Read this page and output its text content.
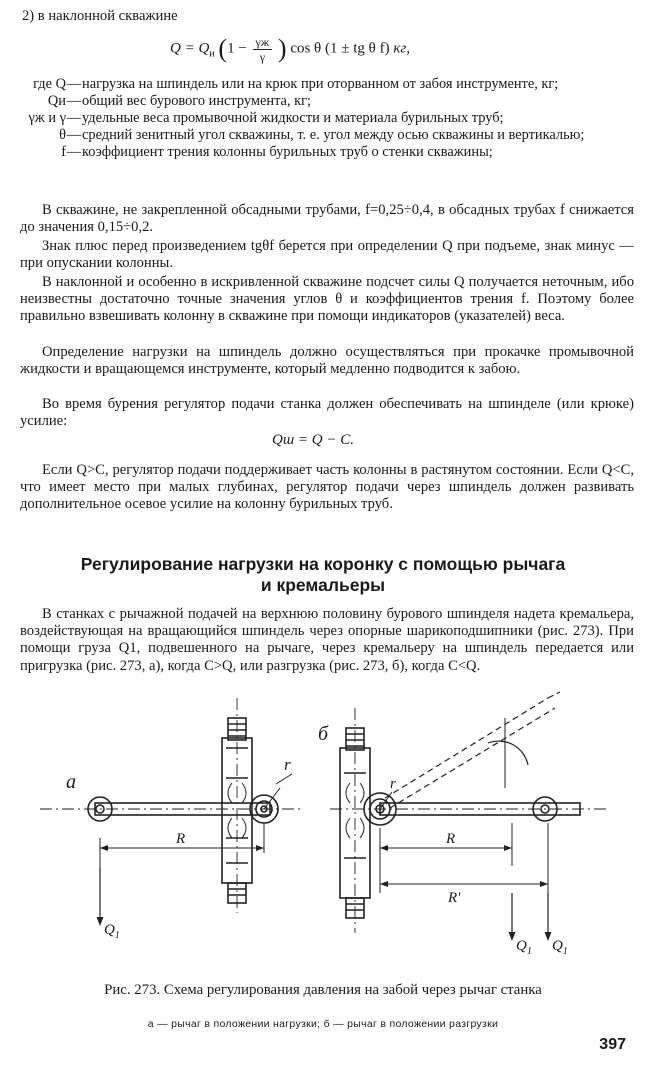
2) в наклонной скважине
$Q = Q_и$ ($1 - \frac{\gamma ж}{\gamma}$ ) cos θ (1 ± tg θ f) кг,
где Q — нагрузка на шпиндель или на крюк при оторванном от забоя инструменте, кг;
Qи — общий вес бурового инструмента, кг;
γж и γ — удельные веса промывочной жидкости и материала бурильных труб;
θ — средний зенитный угол скважины, т. е. угол между осью скважины и вертикалью;
f — коэффициент трения колонны бурильных труб о стенки скважины;
В скважине, не закрепленной обсадными трубами, f=0,25÷0,4, в обсадных трубах f снижается до значения 0,15÷0,2.
Знак плюс перед произведением tgθf берется при определении Q при подъеме, знак минус — при опускании колонны.
В наклонной и особенно в искривленной скважине подсчет силы Q получается неточным, ибо неизвестны достаточно точные значения углов θ и коэффициентов трения f. Поэтому более правильно взвешивать колонну в скважине при помощи индикаторов (указателей) веса.
Определение нагрузки на шпиндель должно осуществляться при прокачке промывочной жидкости и вращающемся инструменте, который медленно подводится к забою.
Во время бурения регулятор подачи станка должен обеспечивать на шпинделе (или крюке) усилие:
Qш = Q − C.
Если Q>C, регулятор подачи поддерживает часть колонны в растянутом состоянии. Если Q<C, что имеет место при малых глубинах, регулятор подачи через шпиндель должен развивать дополнительное осевое усилие на колонну бурильных труб.
Регулирование нагрузки на коронку с помощью рычага
и кремальеры
В станках с рычажной подачей на верхнюю половину бурового шпинделя надета кремальера, воздействующая на вращающийся шпиндель через опорные шарикоподшипники (рис. 273). При помощи груза Q1, подвешенного на рычаге, через кремальеру на шпиндель передается или пригрузка (рис. 273, а), когда C>Q, или разгрузка (рис. 273, б), когда C<Q.
а
r
R
$Q_1$
б
r
R
R'
$Q_1$ $Q_1$
Рис. 273. Схема регулирования давления на забой через рычаг станка
а — рычаг в положении нагрузки; б — рычаг в положении разгрузки
397
